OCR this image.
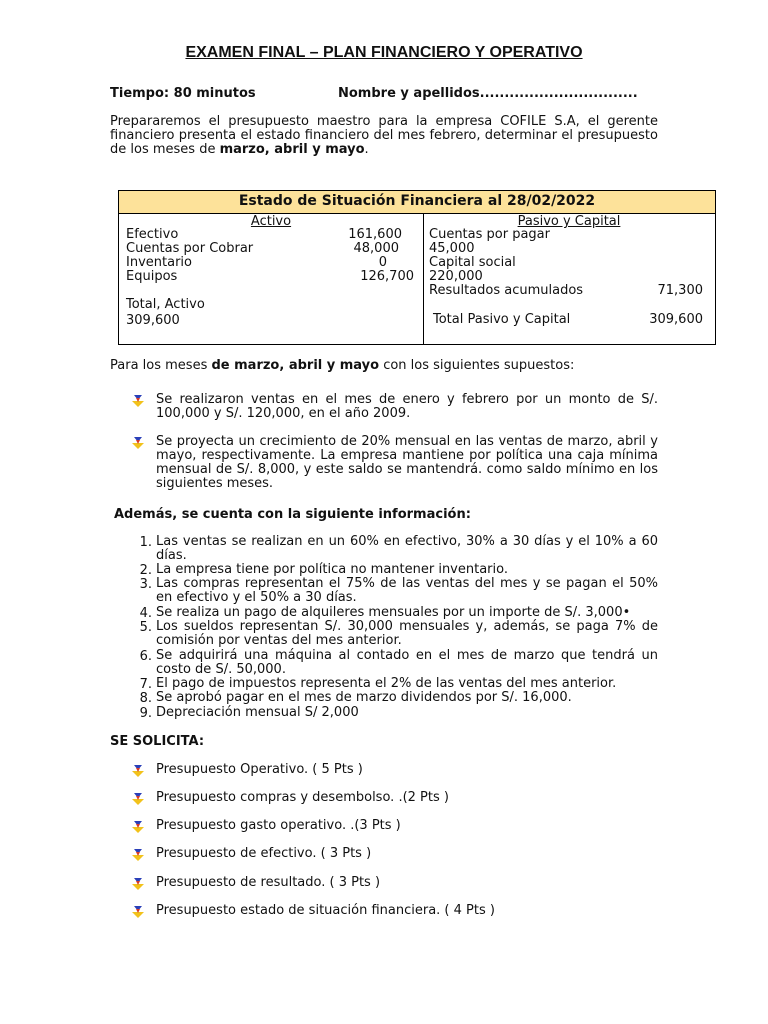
EXAMEN FINAL – PLAN FINANCIERO Y OPERATIVO
Tiempo: 80 minutos	Nombre y apellidos................................
Prepararemos el presupuesto maestro para la empresa COFILE S.A, el gerente financiero presenta el estado financiero del mes febrero, determinar el presupuesto de los meses de marzo, abril y mayo.
Estado de Situación Financiera al 28/02/2022
Activo
Efectivo	161,600
Cuentas por Cobrar	48,000
Inventario	0
Equipos	126,700
Total, Activo
309,600
Pasivo y Capital
Cuentas por pagar
45,000
Capital social
220,000
Resultados acumulados	71,300
Total Pasivo y Capital	309,600
Para los meses de marzo, abril y mayo con los siguientes supuestos:
Se realizaron ventas en el mes de enero y febrero por un monto de S/. 100,000 y S/. 120,000, en el año 2009.
Se proyecta un crecimiento de 20% mensual en las ventas de marzo, abril y mayo, respectivamente. La empresa mantiene por política una caja mínima mensual de S/. 8,000, y este saldo se mantendrá. como saldo mínimo en los siguientes meses.
Además, se cuenta con la siguiente información:
1. Las ventas se realizan en un 60% en efectivo, 30% a 30 días y el 10% a 60 días.
2. La empresa tiene por política no mantener inventario.
3. Las compras representan el 75% de las ventas del mes y se pagan el 50% en efectivo y el 50% a 30 días.
4. Se realiza un pago de alquileres mensuales por un importe de S/. 3,000•
5. Los sueldos representan S/. 30,000 mensuales y, además, se paga 7% de comisión por ventas del mes anterior.
6. Se adquirirá una máquina al contado en el mes de marzo que tendrá un costo de S/. 50,000.
7. El pago de impuestos representa el 2% de las ventas del mes anterior.
8. Se aprobó pagar en el mes de marzo dividendos por S/. 16,000.
9. Depreciación mensual S/ 2,000
SE SOLICITA:
Presupuesto Operativo. ( 5 Pts )
Presupuesto compras y desembolso. .(2 Pts )
Presupuesto gasto operativo. .(3 Pts )
Presupuesto de efectivo. ( 3 Pts )
Presupuesto de resultado. ( 3 Pts )
Presupuesto estado de situación financiera. ( 4 Pts )
